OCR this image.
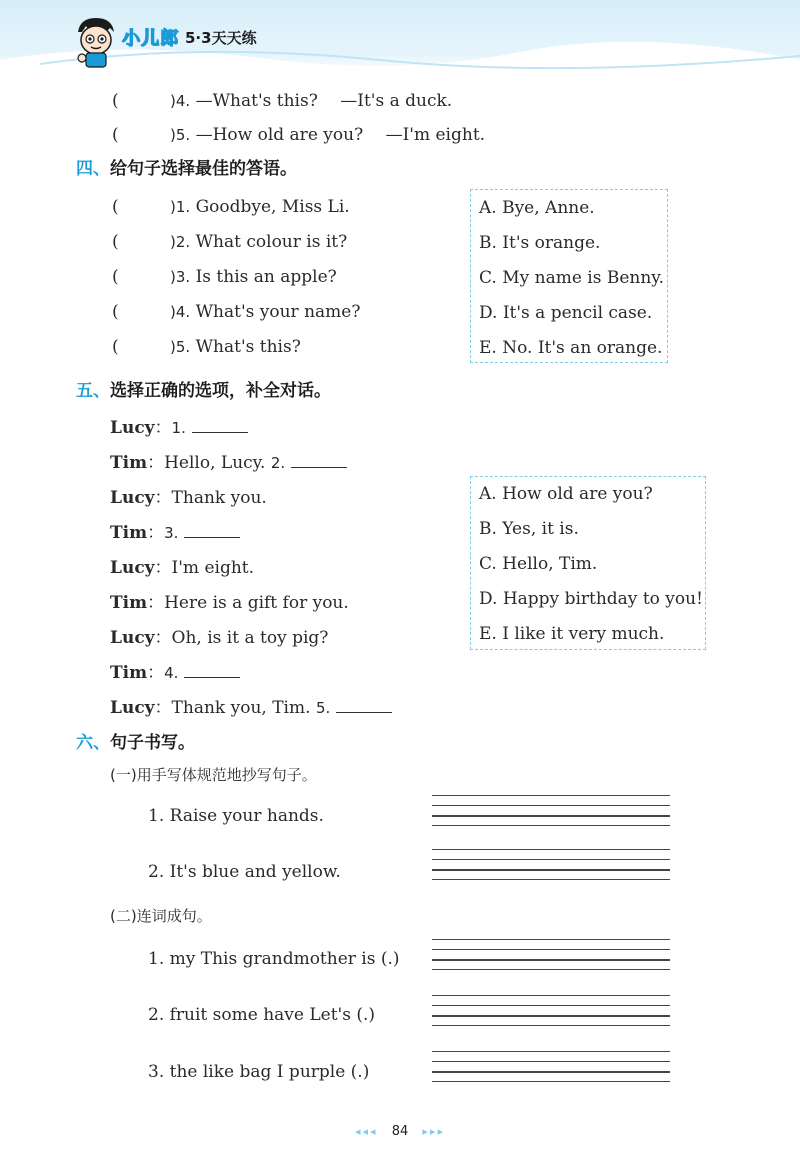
小儿郎 5·3天天练
(	)4. —What's this?　 —It's a duck.
(	)5. —How old are you?　 —I'm eight.
四、给句子选择最佳的答语。
(	)1. Goodbye, Miss Li.
(	)2. What colour is it?
(	)3. Is this an apple?
(	)4. What's your name?
(	)5. What's this?
A. Bye, Anne.
B. It's orange.
C. My name is Benny.
D. It's a pencil case.
E. No. It's an orange.
五、选择正确的选项，补全对话。
Lucy：1.
Tim：Hello, Lucy. 2.
Lucy：Thank you.
Tim：3.
Lucy：I'm eight.
Tim：Here is a gift for you.
Lucy：Oh, is it a toy pig?
Tim：4.
Lucy：Thank you, Tim. 5.
A. How old are you?
B. Yes, it is.
C. Hello, Tim.
D. Happy birthday to you!
E. I like it very much.
六、句子书写。
(一)用手写体规范地抄写句子。
1. Raise your hands.
2. It's blue and yellow.
(二)连词成句。
1. my This grandmother is (.)
2. fruit some have Let's (.)
3. the like bag I purple (.)
◂◂◂ 84 ▸▸▸
